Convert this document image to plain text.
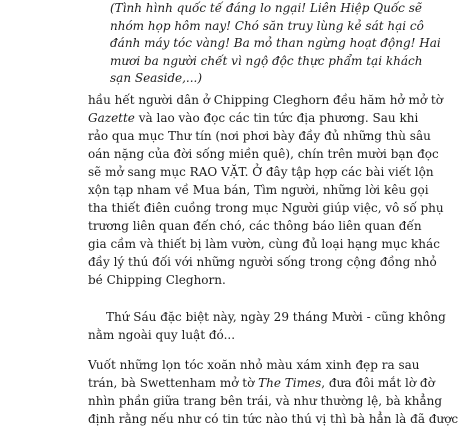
(Tình hình quốc tế đáng lo ngại! Liên Hiệp Quốc sẽ
nhóm họp hôm nay! Chó săn truy lùng kẻ sát hại cô
đánh máy tóc vàng! Ba mỏ than ngừng hoạt động! Hai
mươi ba người chết vì ngộ độc thực phẩm tại khách
sạn Seaside,...)

hầu hết người dân ở Chipping Cleghorn đều hăm hở mở tờ
Gazette và lao vào đọc các tin tức địa phương. Sau khi
rảo qua mục Thư tín (nơi phơi bày đầy đủ những thù sâu
oán nặng của đời sống miền quê), chín trên mười bạn đọc
sẽ mở sang mục RAO VẶT. Ở đây tập hợp các bài viết lộn
xộn tạp nham về Mua bán, Tìm người, những lời kêu gọi
tha thiết điên cuồng trong mục Người giúp việc, vô số phụ
trương liên quan đến chó, các thông báo liên quan đến
gia cầm và thiết bị làm vườn, cùng đủ loại hạng mục khác
đầy lý thú đối với những người sống trong cộng đồng nhỏ
bé Chipping Cleghorn.

Thứ Sáu đặc biệt này, ngày 29 tháng Mười - cũng không
nằm ngoài quy luật đó...

Vuốt những lọn tóc xoăn nhỏ màu xám xinh đẹp ra sau
trán, bà Swettenham mở tờ The Times, đưa đôi mắt lờ đờ
nhìn phần giữa trang bên trái, và như thường lệ, bà khẳng
định rằng nếu như có tin tức nào thú vị thì bà hẳn là đã được
